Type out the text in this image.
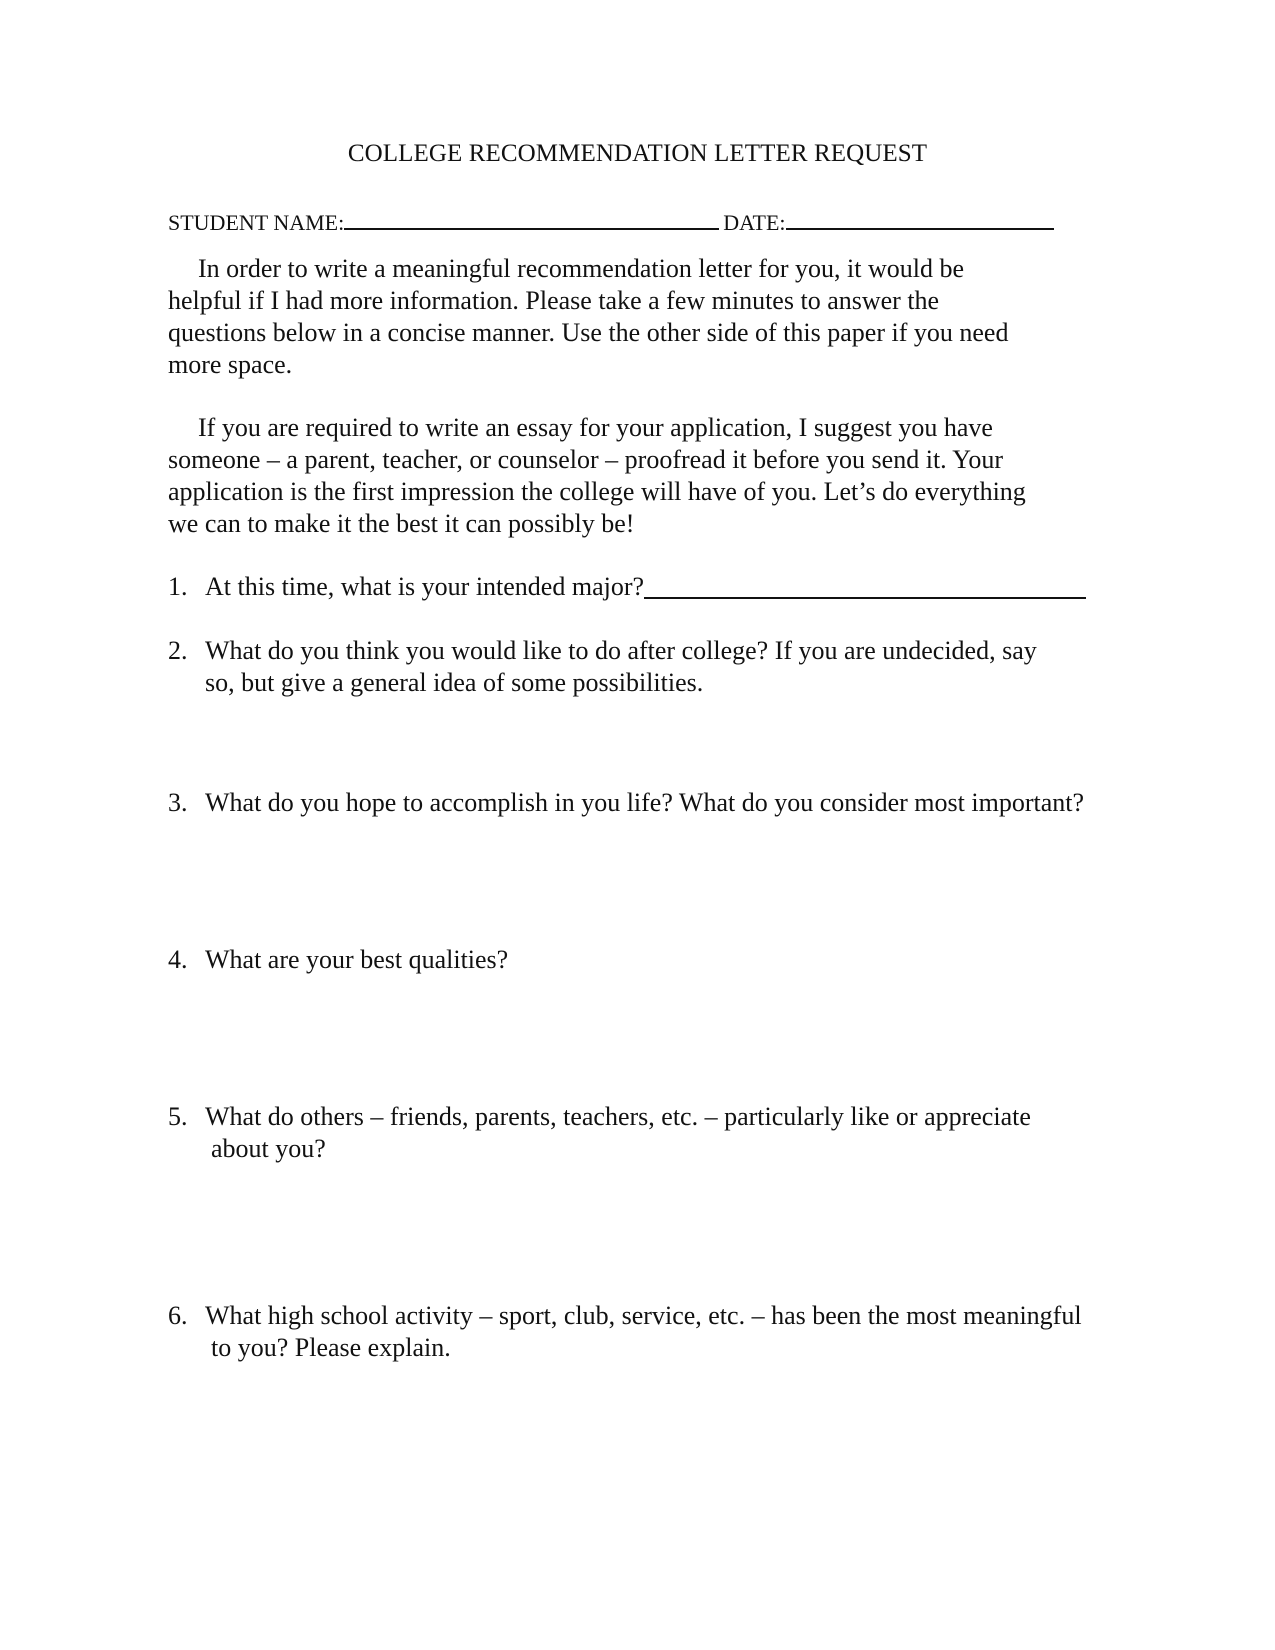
COLLEGE RECOMMENDATION LETTER REQUEST
STUDENT NAME:	DATE:
In order to write a meaningful recommendation letter for you, it would be
helpful if I had more information. Please take a few minutes to answer the
questions below in a concise manner. Use the other side of this paper if you need
more space.
If you are required to write an essay for your application, I suggest you have
someone – a parent, teacher, or counselor – proofread it before you send it. Your
application is the first impression the college will have of you. Let’s do everything
we can to make it the best it can possibly be!
1. At this time, what is your intended major?
2. What do you think you would like to do after college? If you are undecided, say
so, but give a general idea of some possibilities.
3. What do you hope to accomplish in you life? What do you consider most important?
4. What are your best qualities?
5. What do others – friends, parents, teachers, etc. – particularly like or appreciate
about you?
6. What high school activity – sport, club, service, etc. – has been the most meaningful
to you? Please explain.
